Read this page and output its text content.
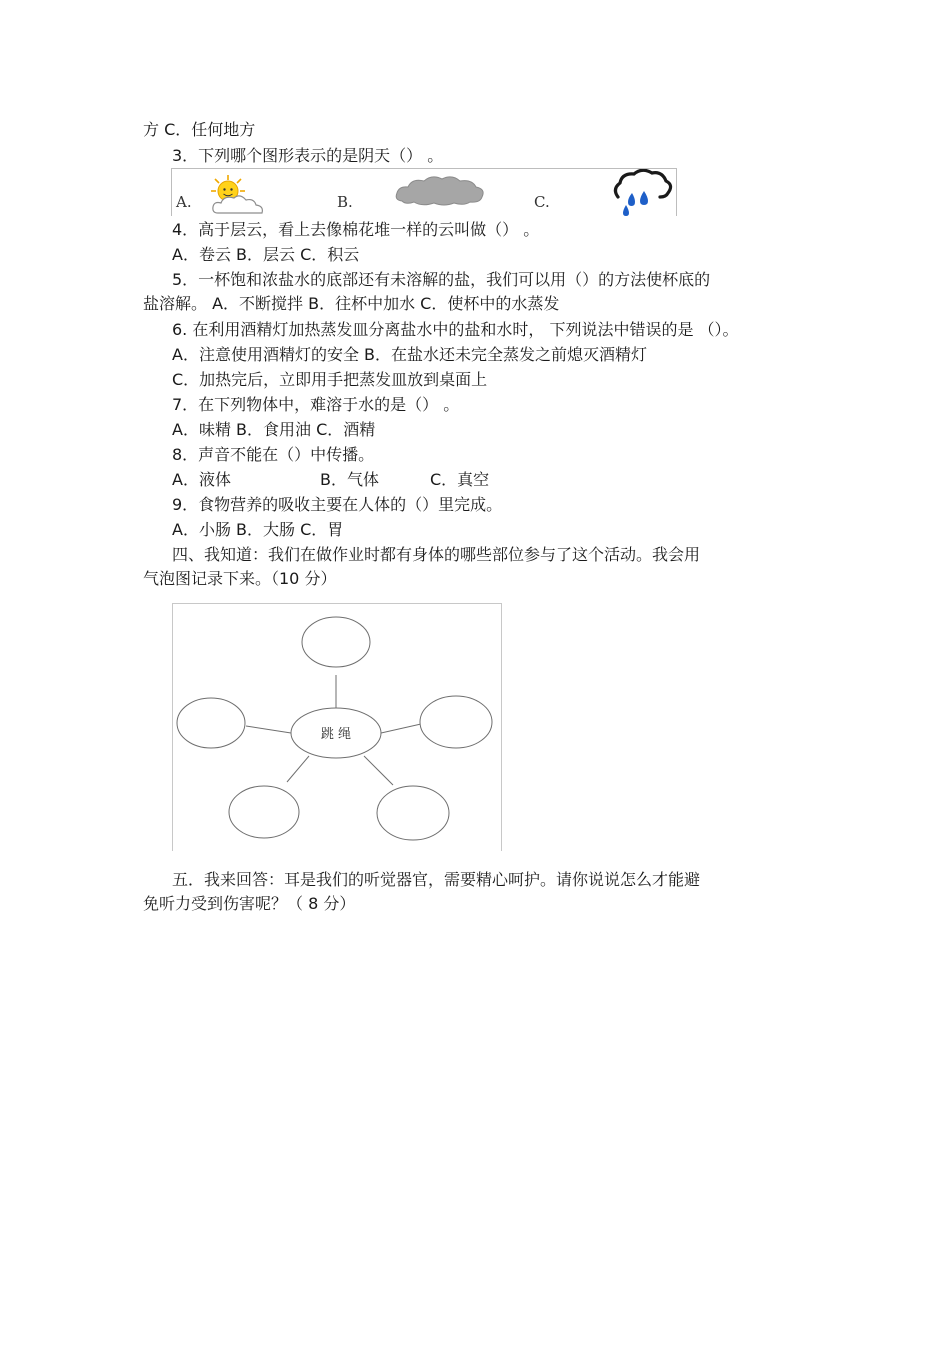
方 C．任何地方
3．下列哪个图形表示的是阴天（） 。
A.	B.	C.
4．高于层云，看上去像棉花堆一样的云叫做（） 。
A．卷云 B．层云 C．积云
5．一杯饱和浓盐水的底部还有未溶解的盐，我们可以用（）的方法使杯底的
盐溶解。 A．不断搅拌 B．往杯中加水 C．使杯中的水蒸发
6. 在利用酒精灯加热蒸发皿分离盐水中的盐和水时， 下列说法中错误的是 （）。
A．注意使用酒精灯的安全 B．在盐水还未完全蒸发之前熄灭酒精灯
C．加热完后，立即用手把蒸发皿放到桌面上
7．在下列物体中，难溶于水的是（） 。
A．味精 B．食用油 C．酒精
8．声音不能在（）中传播。
A．液体	B．气体	C．真空
9．食物营养的吸收主要在人体的（）里完成。
A．小肠 B．大肠 C．胃
四、我知道：我们在做作业时都有身体的哪些部位参与了这个活动。我会用
气泡图记录下来。（10 分）
跳 绳
五．我来回答：耳是我们的听觉器官，需要精心呵护。请你说说怎么才能避
免听力受到伤害呢？（ 8 分）
